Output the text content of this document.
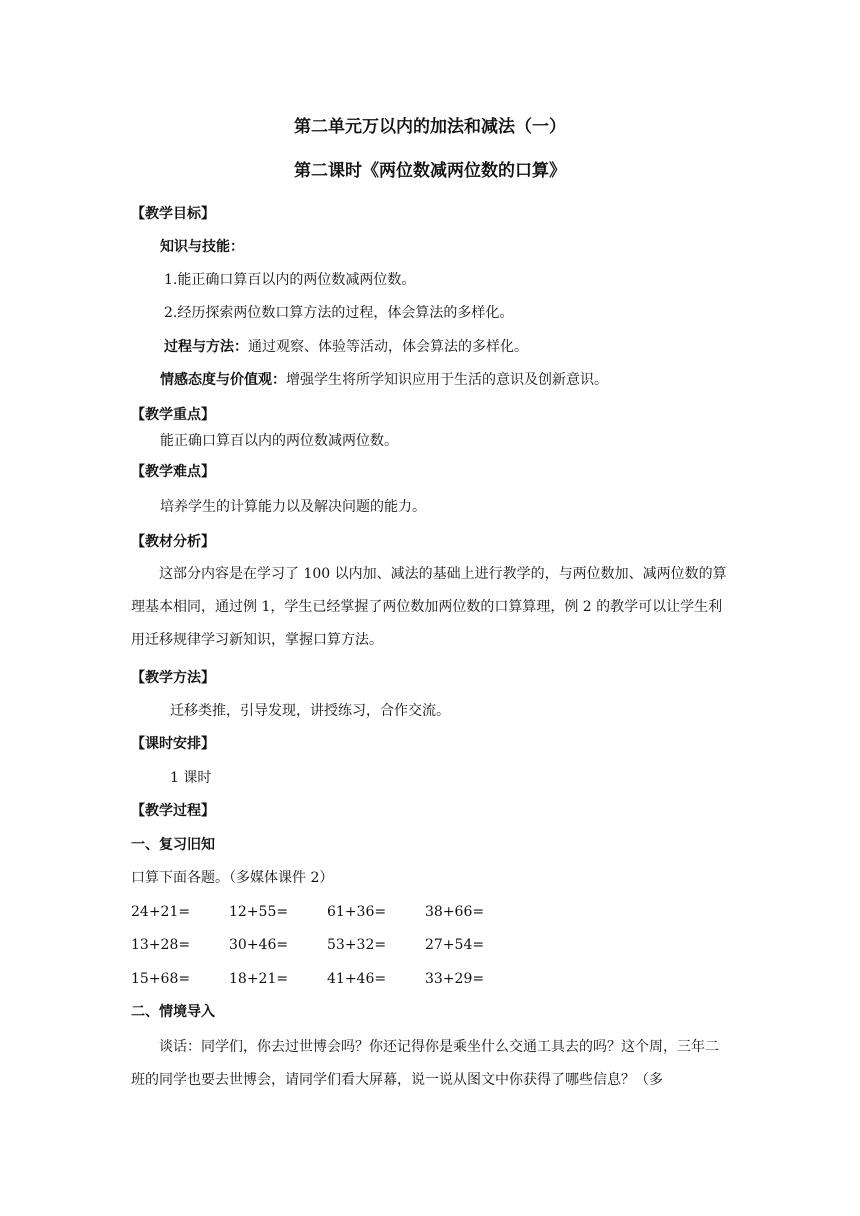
第二单元万以内的加法和减法（一）
第二课时《两位数减两位数的口算》
【教学目标】
知识与技能：
1.能正确口算百以内的两位数减两位数。
2.经历探索两位数口算方法的过程，体会算法的多样化。
过程与方法：通过观察、体验等活动，体会算法的多样化。
情感态度与价值观：增强学生将所学知识应用于生活的意识及创新意识。
【教学重点】
能正确口算百以内的两位数减两位数。
【教学难点】
培养学生的计算能力以及解决问题的能力。
【教材分析】
这部分内容是在学习了 100 以内加、减法的基础上进行教学的，与两位数加、减两位数的算理基本相同，通过例 1，学生已经掌握了两位数加两位数的口算算理，例 2 的教学可以让学生利用迁移规律学习新知识，掌握口算方法。
【教学方法】
迁移类推，引导发现，讲授练习，合作交流。
【课时安排】
1 课时
【教学过程】
一、复习旧知
口算下面各题。（多媒体课件 2）
24+21=	12+55=	61+36=	38+66=
13+28=	30+46=	53+32=	27+54=
15+68=	18+21=	41+46=	33+29=
二、情境导入
谈话：同学们，你去过世博会吗？你还记得你是乘坐什么交通工具去的吗？这个周，三年二班的同学也要去世博会，请同学们看大屏幕，说一说从图文中你获得了哪些信息？（多
